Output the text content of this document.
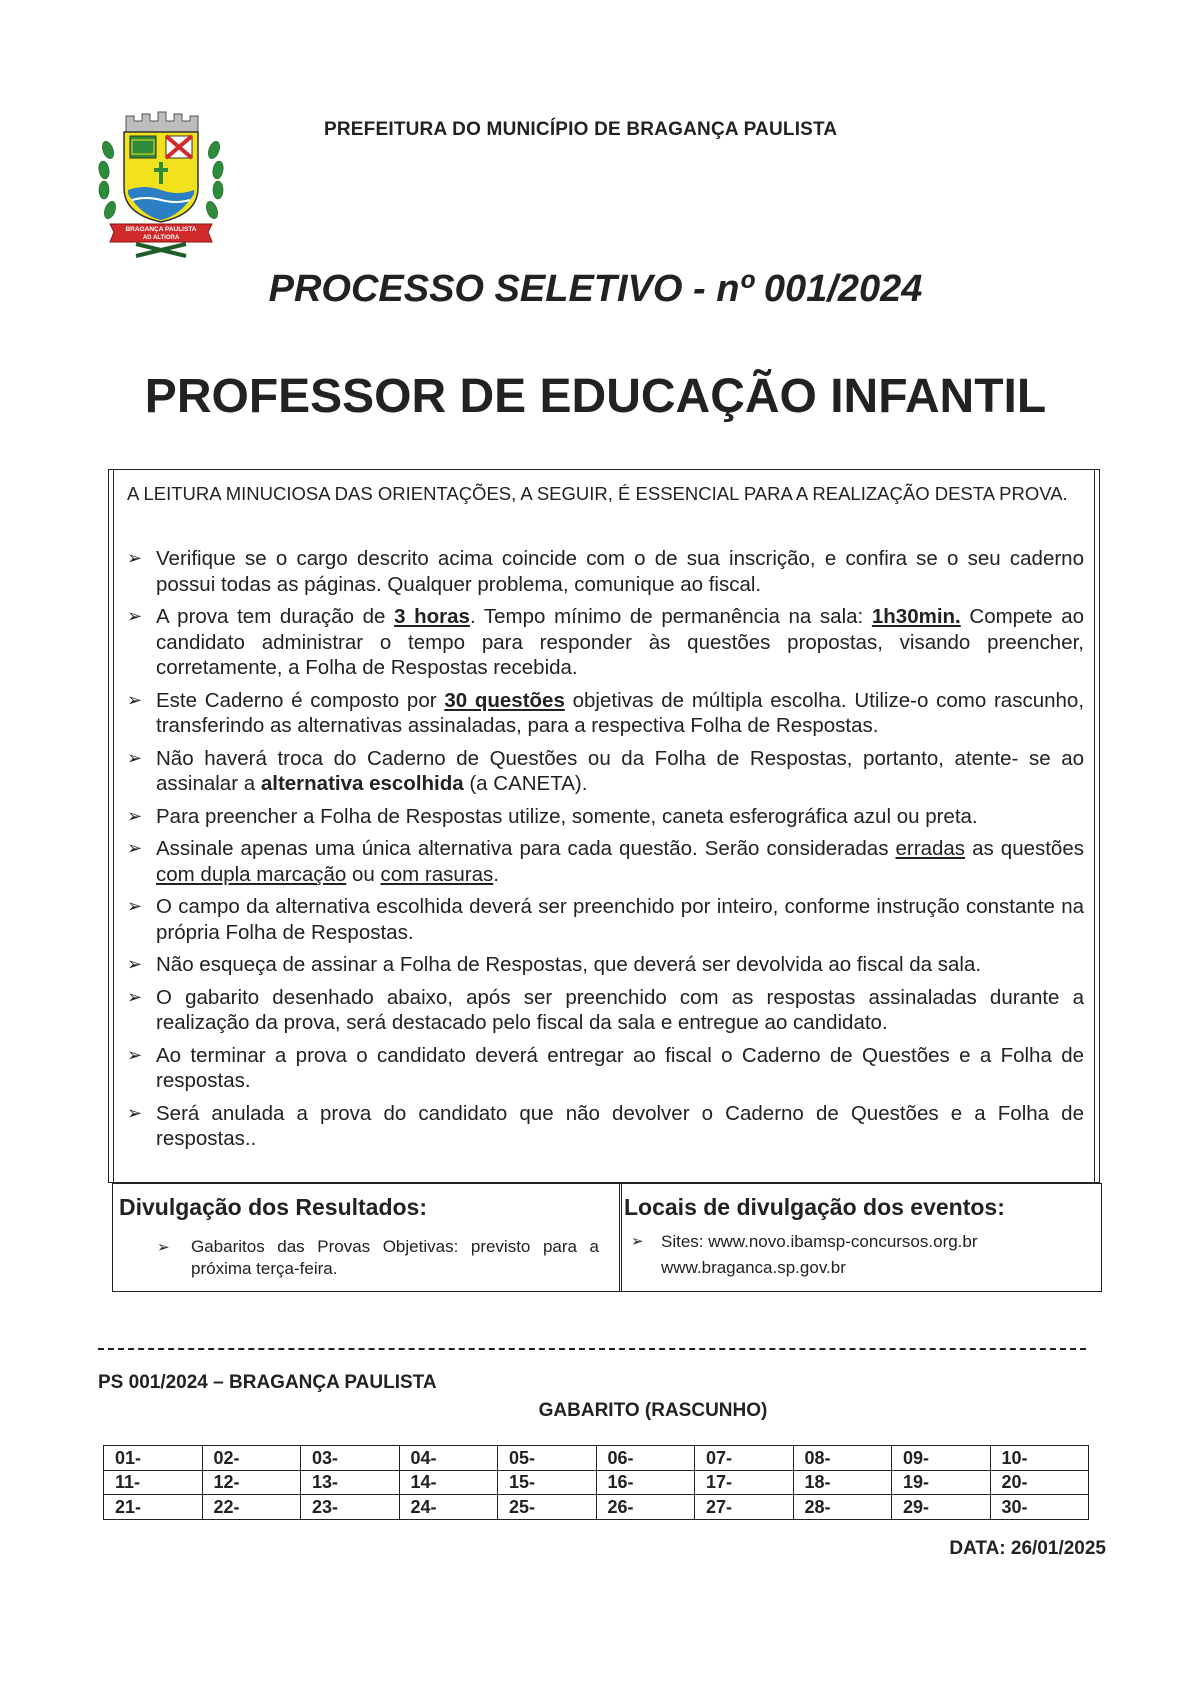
BRAGANÇA PAULISTA
AD ALTIORA
PREFEITURA DO MUNICÍPIO DE BRAGANÇA PAULISTA
PROCESSO SELETIVO - nº 001/2024
PROFESSOR DE EDUCAÇÃO INFANTIL
A LEITURA MINUCIOSA DAS ORIENTAÇÕES, A SEGUIR, É ESSENCIAL PARA A REALIZAÇÃO DESTA PROVA.
➢ Verifique se o cargo descrito acima coincide com o de sua inscrição, e confira se o seu caderno possui todas as páginas. Qualquer problema, comunique ao fiscal.
➢ A prova tem duração de 3 horas. Tempo mínimo de permanência na sala: 1h30min. Compete ao candidato administrar o tempo para responder às questões propostas, visando preencher, corretamente, a Folha de Respostas recebida.
➢ Este Caderno é composto por 30 questões objetivas de múltipla escolha. Utilize-o como rascunho, transferindo as alternativas assinaladas, para a respectiva Folha de Respostas.
➢ Não haverá troca do Caderno de Questões ou da Folha de Respostas, portanto, atente- se ao assinalar a alternativa escolhida (a CANETA).
➢ Para preencher a Folha de Respostas utilize, somente, caneta esferográfica azul ou preta.
➢ Assinale apenas uma única alternativa para cada questão. Serão consideradas erradas as questões com dupla marcação ou com rasuras.
➢ O campo da alternativa escolhida deverá ser preenchido por inteiro, conforme instrução constante na própria Folha de Respostas.
➢ Não esqueça de assinar a Folha de Respostas, que deverá ser devolvida ao fiscal da sala.
➢ O gabarito desenhado abaixo, após ser preenchido com as respostas assinaladas durante a realização da prova, será destacado pelo fiscal da sala e entregue ao candidato.
➢ Ao terminar a prova o candidato deverá entregar ao fiscal o Caderno de Questões e a Folha de respostas.
➢ Será anulada a prova do candidato que não devolver o Caderno de Questões e a Folha de respostas..
Divulgação dos Resultados:
➢ Gabaritos das Provas Objetivas: previsto para a próxima terça-feira.
Locais de divulgação dos eventos:
➢ Sites: www.novo.ibamsp-concursos.org.br
www.braganca.sp.gov.br
PS 001/2024 – BRAGANÇA PAULISTA
GABARITO (RASCUNHO)
01-	02-	03-	04-	05-	06-	07-	08-	09-	10-
11-	12-	13-	14-	15-	16-	17-	18-	19-	20-
21-	22-	23-	24-	25-	26-	27-	28-	29-	30-
DATA: 26/01/2025
